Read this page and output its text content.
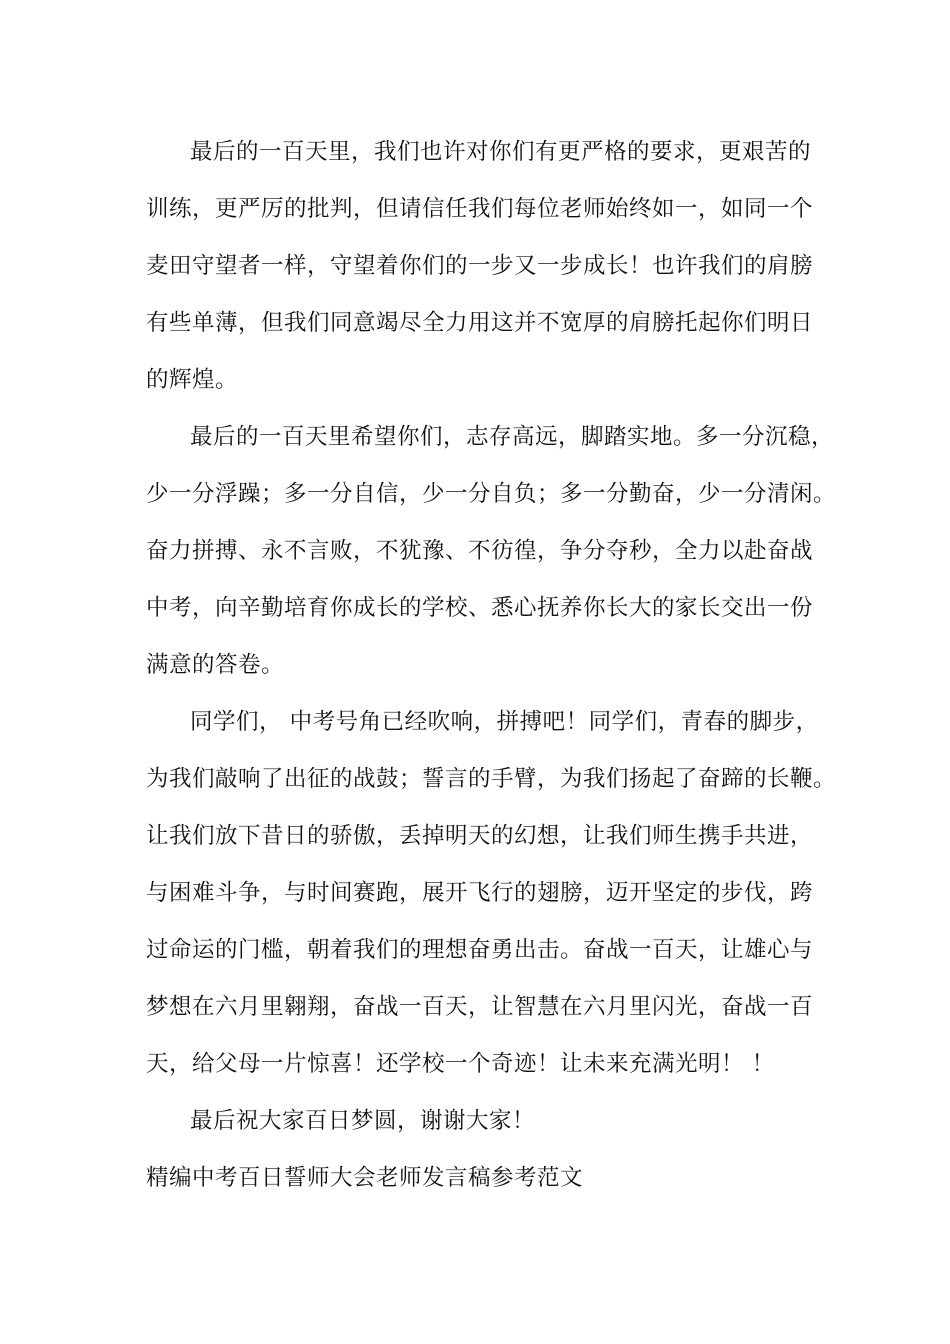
最后的一百天里，我们也许对你们有更严格的要求，更艰苦的

训练，更严厉的批判，但请信任我们每位老师始终如一，如同一个

麦田守望者一样，守望着你们的一步又一步成长！也许我们的肩膀

有些单薄，但我们同意竭尽全力用这并不宽厚的肩膀托起你们明日

的辉煌。

最后的一百天里希望你们，志存高远，脚踏实地。多一分沉稳，

少一分浮躁；多一分自信，少一分自负；多一分勤奋，少一分清闲。

奋力拼搏、永不言败，不犹豫、不彷徨，争分夺秒，全力以赴奋战

中考，向辛勤培育你成长的学校、悉心抚养你长大的家长交出一份

满意的答卷。

同学们， 中考号角已经吹响，拼搏吧！同学们，青春的脚步，

为我们敲响了出征的战鼓；誓言的手臂，为我们扬起了奋蹄的长鞭。

让我们放下昔日的骄傲，丢掉明天的幻想，让我们师生携手共进，

与困难斗争，与时间赛跑，展开飞行的翅膀，迈开坚定的步伐，跨

过命运的门槛，朝着我们的理想奋勇出击。奋战一百天，让雄心与

梦想在六月里翱翔，奋战一百天，让智慧在六月里闪光，奋战一百

天，给父母一片惊喜！还学校一个奇迹！让未来充满光明！ ！

最后祝大家百日梦圆，谢谢大家！

精编中考百日誓师大会老师发言稿参考范文
